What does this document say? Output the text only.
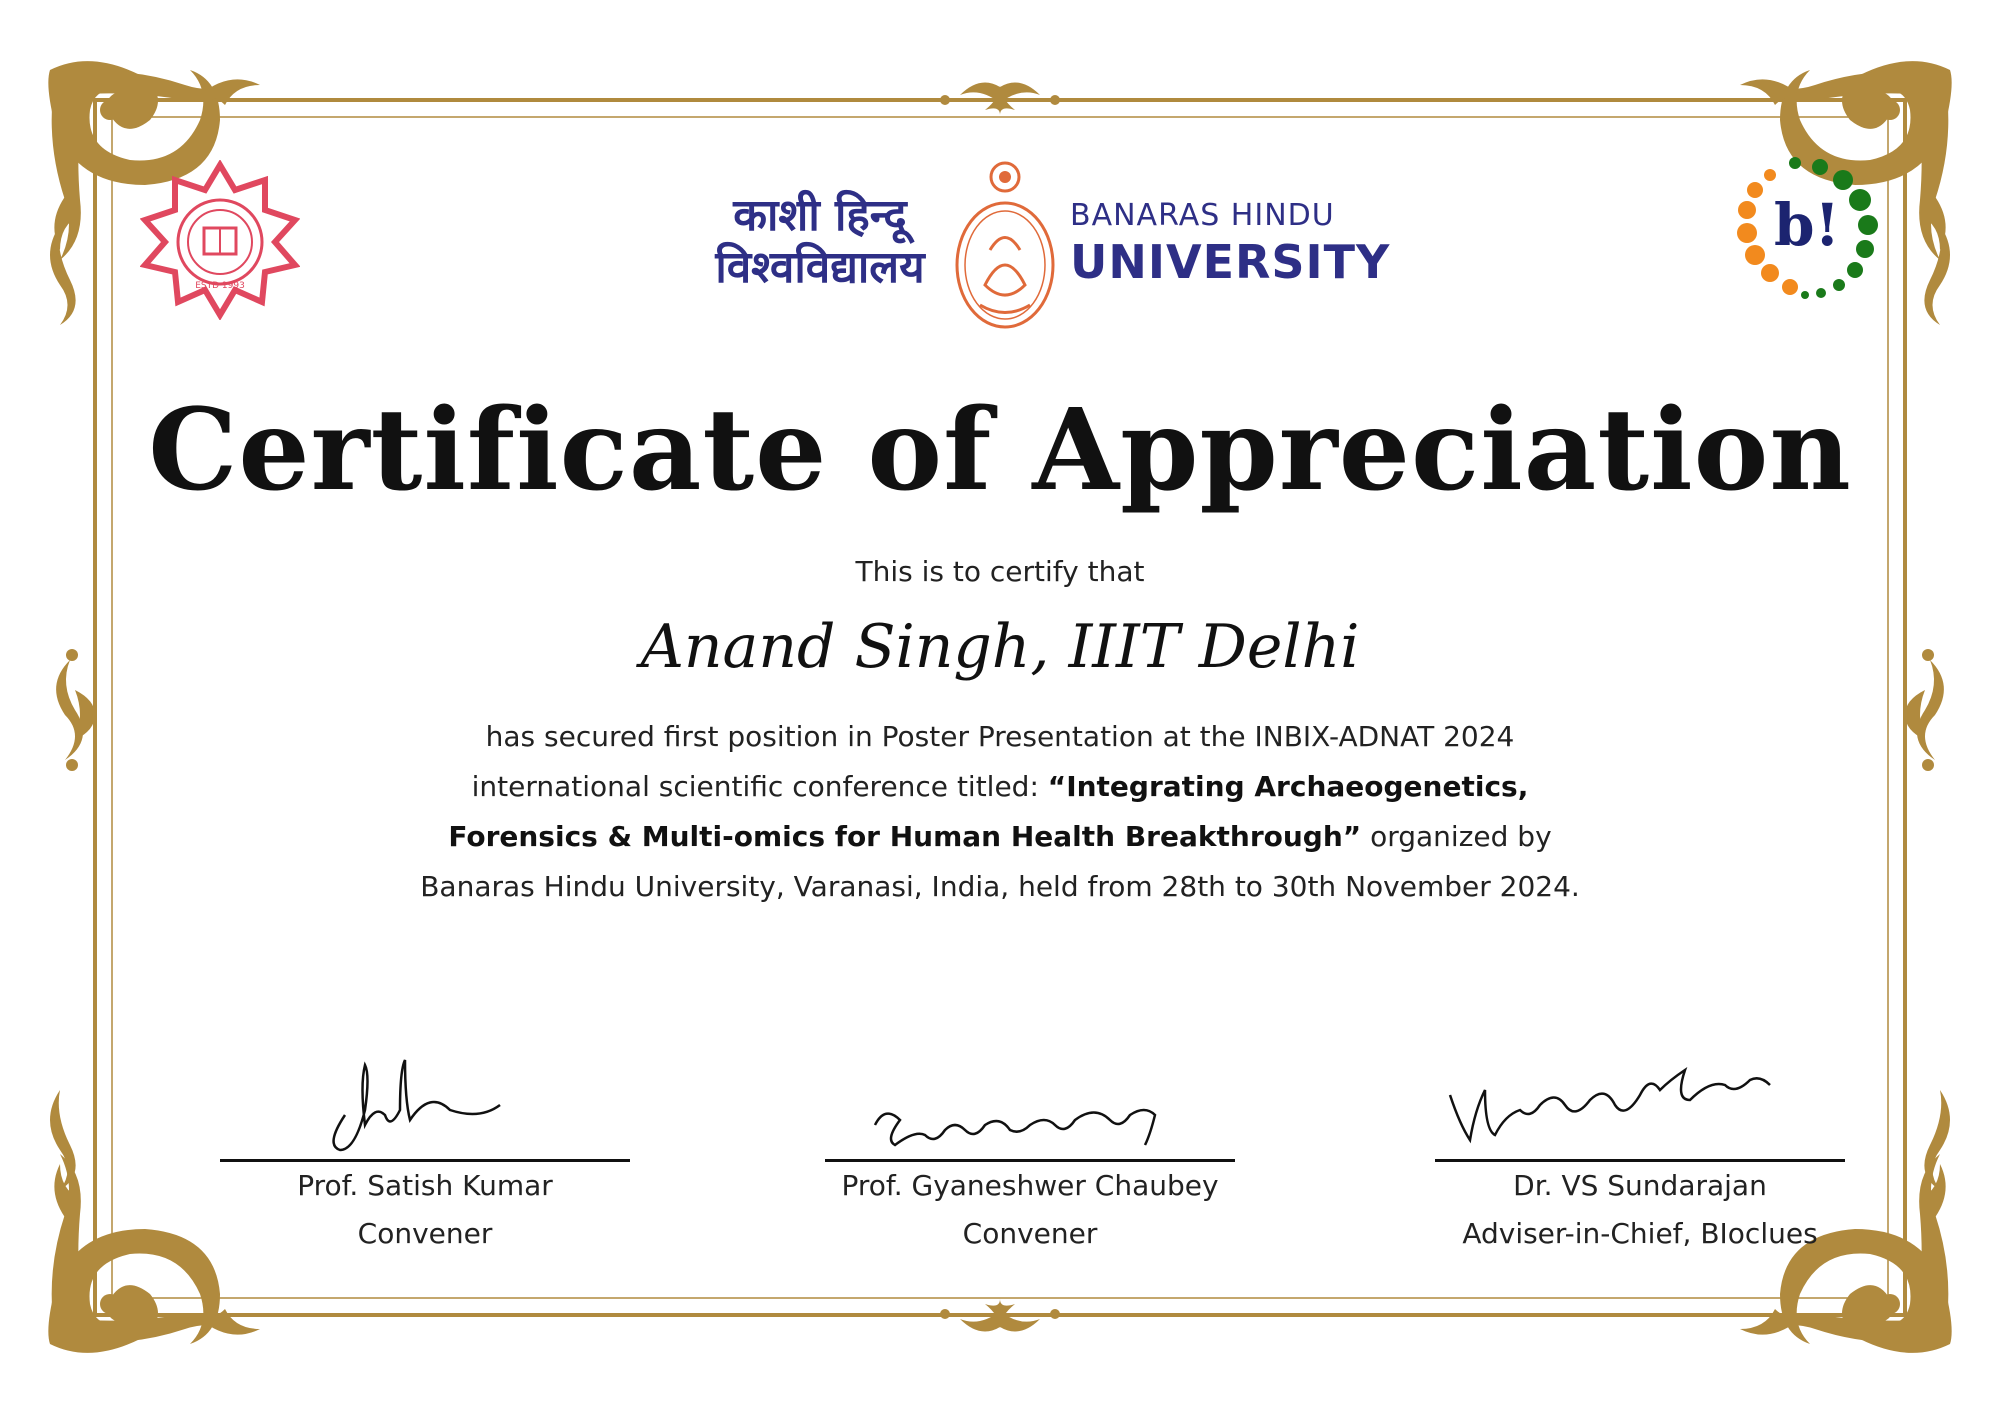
ESTD 1993
काशी हिन्दू
विश्वविद्यालय
BANARAS HINDU
UNIVERSITY
b!
Certificate of Appreciation
This is to certify that
Anand Singh, IIIT Delhi
has secured first position in Poster Presentation at the INBIX-ADNAT 2024 international scientific conference titled: “Integrating Archaeogenetics, Forensics & Multi-omics for Human Health Breakthrough” organized by Banaras Hindu University, Varanasi, India, held from 28th to 30th November 2024.
Prof. Satish Kumar
Convener
Prof. Gyaneshwer Chaubey
Convener
Dr. VS Sundarajan
Adviser-in-Chief, BIoclues
